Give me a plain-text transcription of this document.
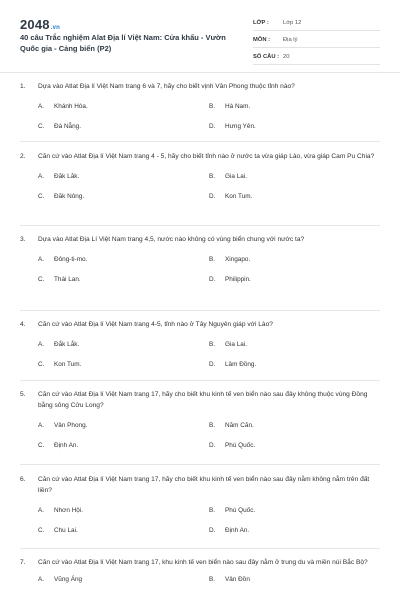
2048.vn
40 câu Trắc nghiệm Alat Địa lí Việt Nam: Cửa khẩu - Vườn Quốc gia - Cảng biển (P2)
LỚP :	Lớp 12
MÔN :	Địa lý
SỐ CÂU : 20
1.	Dựa vào Atlat Địa lí Việt Nam trang 6 và 7, hãy cho biết vịnh Vân Phong thuộc tỉnh nào?
A.	Khánh Hòa.	B.	Hà Nam.
C.	Đà Nẵng.	D.	Hưng Yên.
2.	Căn cứ vào Atlat Địa lí Việt Nam trang 4 - 5, hãy cho biết tỉnh nào ở nước ta vừa giáp Lào, vừa giáp Cam Pu Chia?
A.	Đăk Lăk.	B.	Gia Lai.
C.	Đăk Nông.	D.	Kon Tum.
3.	Dựa vào Atlat Địa Lí Việt Nam trang 4,5, nước nào không có vùng biển chung với nước ta?
A.	Đông-ti-mo.	B.	Xingapo.
C.	Thái Lan.	D.	Philippin.
4.	Căn cứ vào Atlat Địa lí Việt Nam trang 4-5, tỉnh nào ở Tây Nguyên giáp với Lào?
A.	Đắk Lắk.	B.	Gia Lai.
C.	Kon Tum.	D.	Lâm Đồng.
5.	Căn cứ vào Atlat Địa lí Việt Nam trang 17, hãy cho biết khu kinh tế ven biển nào sau đây không thuộc vùng Đồng bằng sông Cửu Long?
A.	Vân Phong.	B.	Năm Căn.
C.	Định An.	D.	Phú Quốc.
6.	Căn cứ vào Atlat Địa lí Việt Nam trang 17, hãy cho biết khu kinh tế ven biển nào sau đây nằm không nằm trên đất liền?
A.	Nhơn Hội.	B.	Phú Quốc.
C.	Chu Lai.	D.	Định An.
7.	Căn cứ vào Atlat Địa lí Việt Nam trang 17, khu kinh tế ven biển nào sau đây nằm ở trung du và miền núi Bắc Bộ?
A.	Vũng Áng	B.	Vân Đồn
